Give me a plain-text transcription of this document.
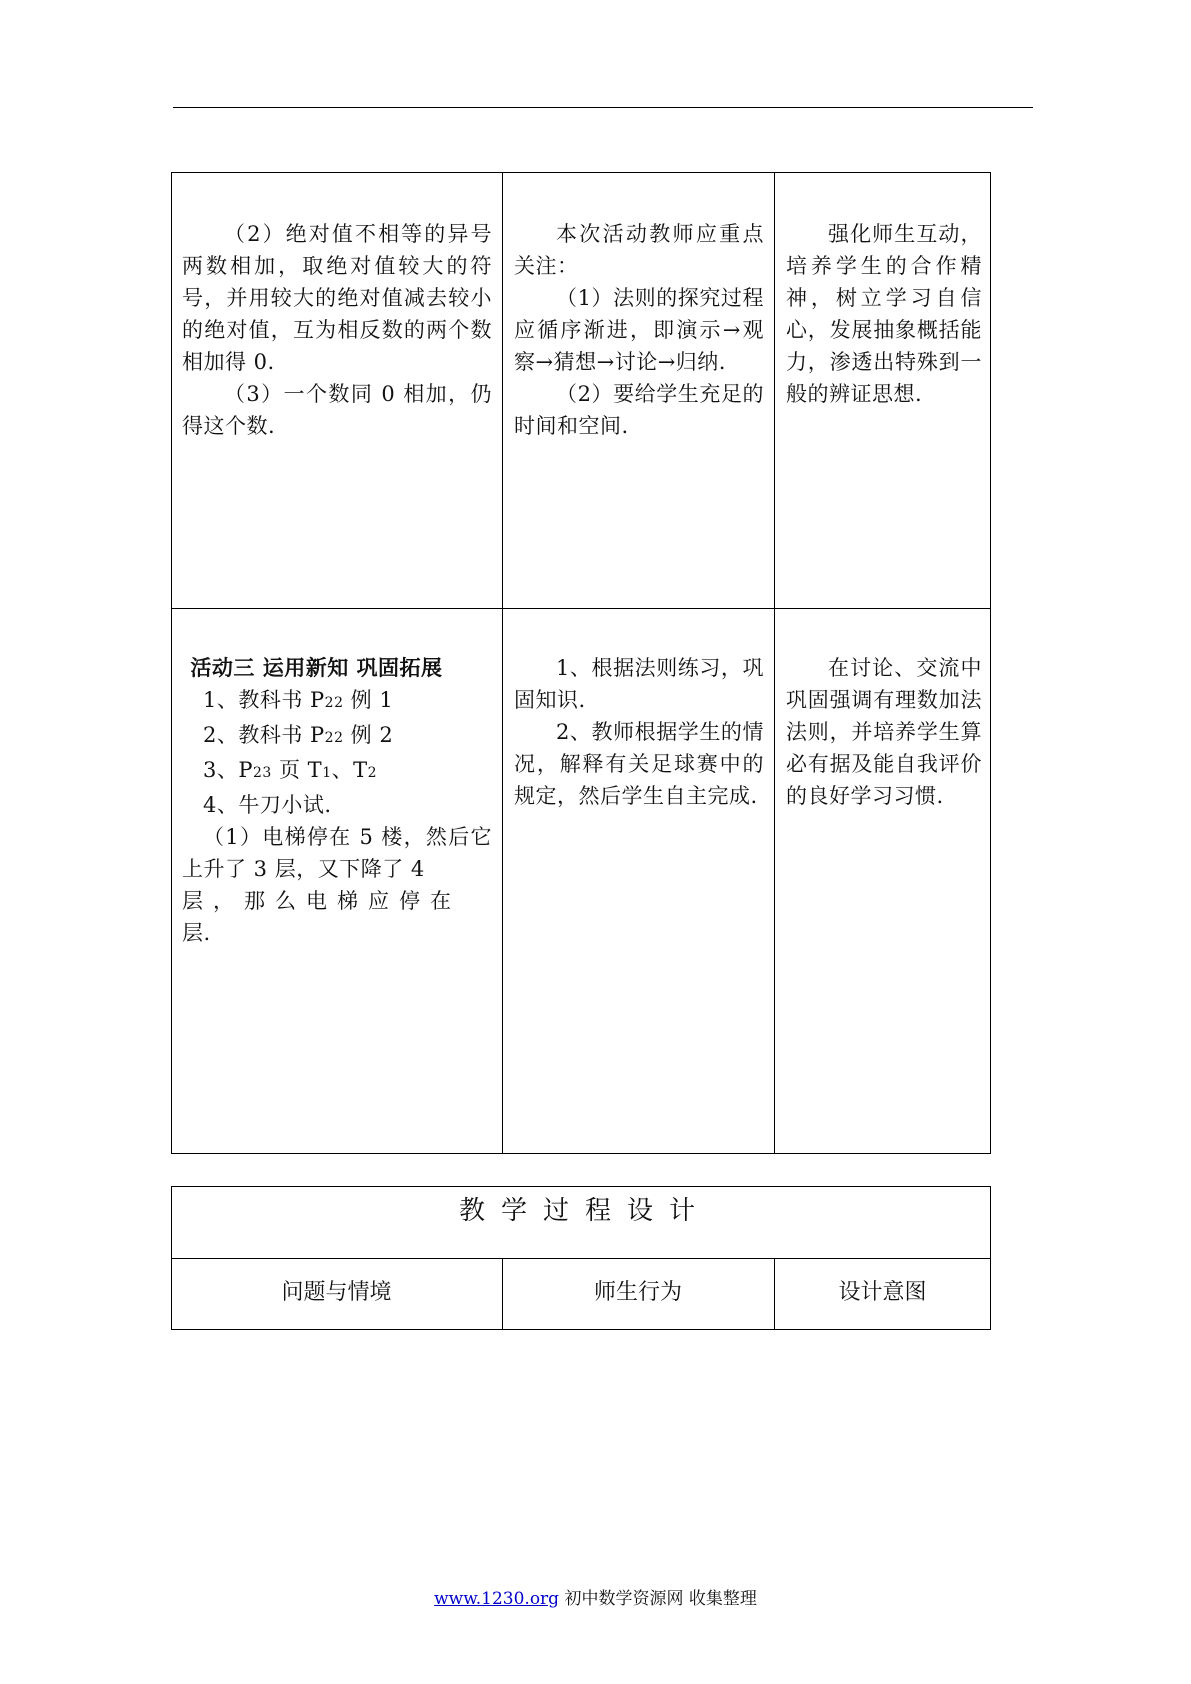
（2）绝对值不相等的异号两数相加，取绝对值较大的符号，并用较大的绝对值减去较小的绝对值，互为相反数的两个数相加得 0.

（3）一个数同 0 相加，仍得这个数.

本次活动教师应重点关注：

（1）法则的探究过程应循序渐进，即演示→观察→猜想→讨论→归纳.

（2）要给学生充足的时间和空间.

强化师生互动，培养学生的合作精神，树立学习自信心，发展抽象概括能力，渗透出特殊到一般的辨证思想.

活动三 运用新知 巩固拓展

1、教科书 P22 例 1

2、教科书 P22 例 2

3、P23 页 T1、T2

4、牛刀小试.

（1）电梯停在 5 楼，然后它上升了 3 层，又下降了 4

层，那么电梯应停在

层.

1、根据法则练习，巩固知识.

2、教师根据学生的情况，解释有关足球赛中的规定，然后学生自主完成.

在讨论、交流中巩固强调有理数加法法则，并培养学生算必有据及能自我评价的良好学习习惯.

教学过程设计
问题与情境	师生行为	设计意图
www.1230.org 初中数学资源网 收集整理
